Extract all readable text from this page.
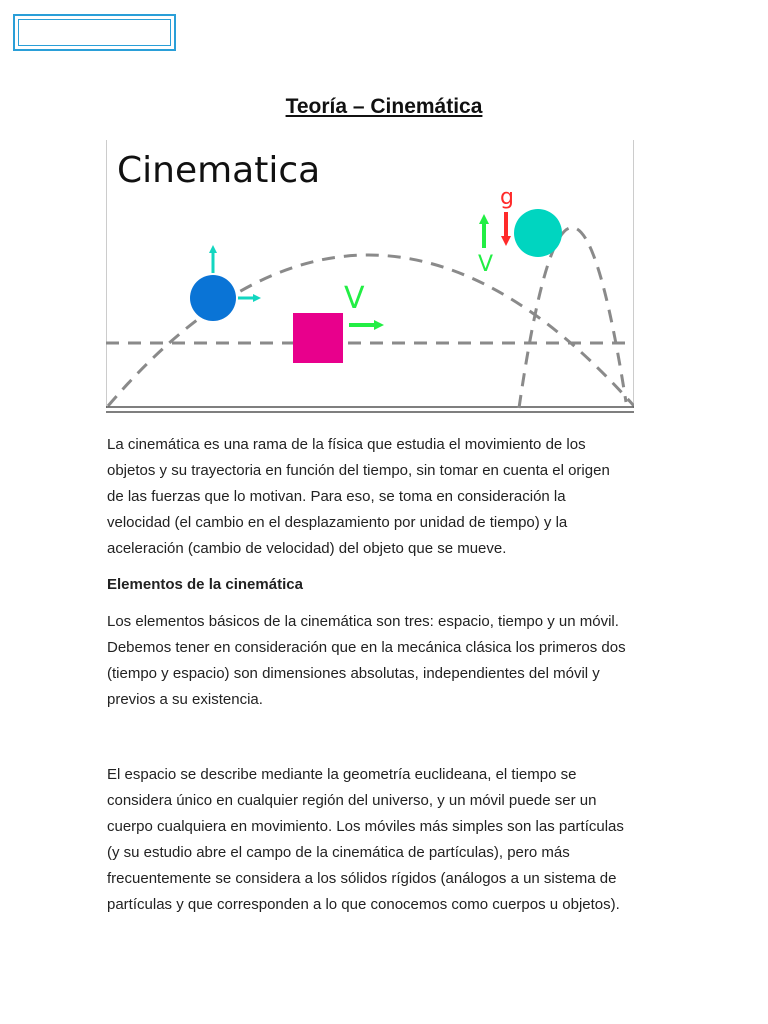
Teoría – Cinemática
Cinematica
V
V
g

La cinemática es una rama de la física que estudia el movimiento de los

objetos y su trayectoria en función del tiempo, sin tomar en cuenta el origen

de las fuerzas que lo motivan. Para eso, se toma en consideración la

velocidad (el cambio en el desplazamiento por unidad de tiempo) y la

aceleración (cambio de velocidad) del objeto que se mueve.

Elementos de la cinemática

Los elementos básicos de la cinemática son tres: espacio, tiempo y un móvil.

Debemos tener en consideración que en la mecánica clásica los primeros dos

(tiempo y espacio) son dimensiones absolutas, independientes del móvil y

previos a su existencia.

El espacio se describe mediante la geometría euclideana, el tiempo se

considera único en cualquier región del universo, y un móvil puede ser un

cuerpo cualquiera en movimiento. Los móviles más simples son las partículas

(y su estudio abre el campo de la cinemática de partículas), pero más

frecuentemente se considera a los sólidos rígidos (análogos a un sistema de

partículas y que corresponden a lo que conocemos como cuerpos u objetos).
